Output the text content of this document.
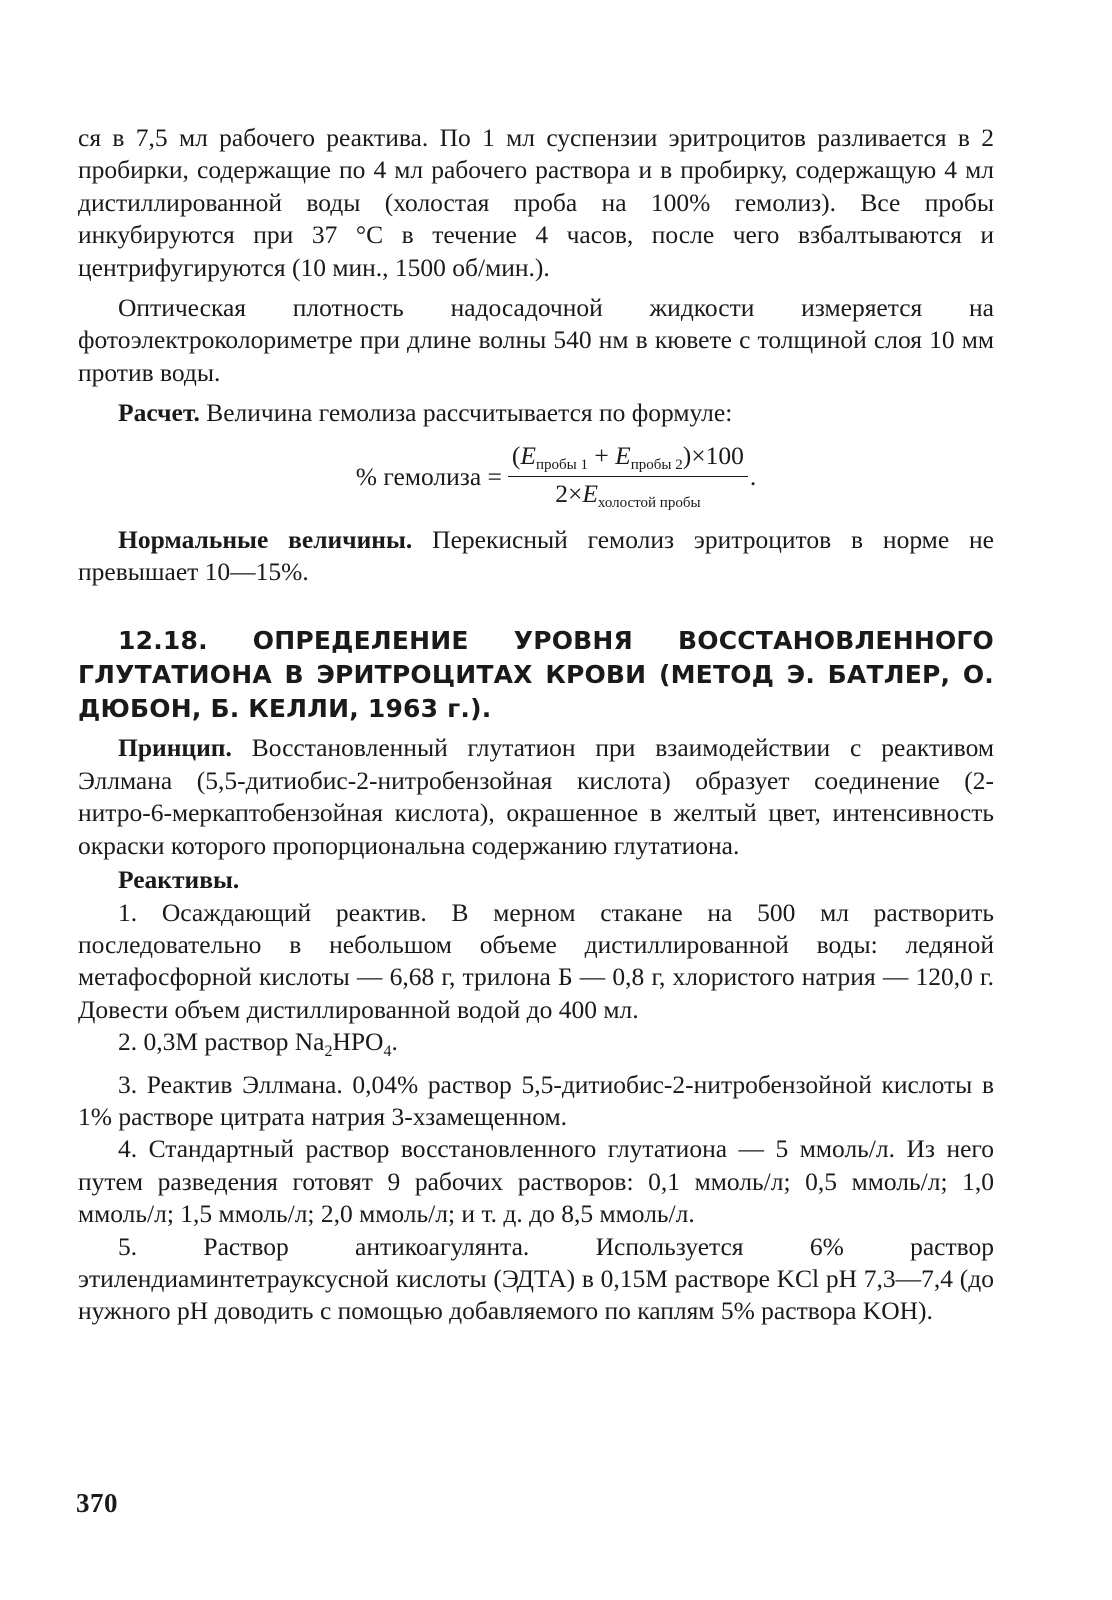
ся в 7,5 мл рабочего реактива. По 1 мл суспензии эритроцитов разливается в 2 пробирки, содержащие по 4 мл рабочего раствора и в пробирку, содержащую 4 мл дистиллированной воды (холостая проба на 100% гемолиз). Все пробы инкубируются при 37 °С в течение 4 часов, после чего взбалтываются и центрифугируются (10 мин., 1500 об/мин.).

Оптическая плотность надосадочной жидкости измеряется на фотоэлектроколориметре при длине волны 540 нм в кювете с толщиной слоя 10 мм против воды.

Расчет. Величина гемолиза рассчитывается по формуле:

% гемолиза = $\frac{(E_{пробы 1} + E_{пробы 2})\times 100}{2\times E_{холостой пробы}}$ .

Нормальные величины. Перекисный гемолиз эритроцитов в норме не превышает 10—15%.

12.18. ОПРЕДЕЛЕНИЕ УРОВНЯ ВОССТАНОВЛЕННОГО ГЛУТАТИОНА В ЭРИТРОЦИТАХ КРОВИ (МЕТОД Э. БАТЛЕР, О. ДЮБОН, Б. КЕЛЛИ, 1963 г.).

Принцип. Восстановленный глутатион при взаимодействии с реактивом Эллмана (5,5-дитиобис-2-нитробензойная кислота) образует соединение (2-нитро-6-меркаптобензойная кислота), окрашенное в желтый цвет, интенсивность окраски которого пропорциональна содержанию глутатиона.

Реактивы.

1. Осаждающий реактив. В мерном стакане на 500 мл растворить последовательно в небольшом объеме дистиллированной воды: ледяной метафосфорной кислоты — 6,68 г, трилона Б — 0,8 г, хлористого натрия — 120,0 г. Довести объем дистиллированной водой до 400 мл.

2. 0,3М раствор $Na_2HPO_4$.

3. Реактив Эллмана. 0,04% раствор 5,5-дитиобис-2-нитробензойной кислоты в 1% растворе цитрата натрия 3-хзамещенном.

4. Стандартный раствор восстановленного глутатиона — 5 ммоль/л. Из него путем разведения готовят 9 рабочих растворов: 0,1 ммоль/л; 0,5 ммоль/л; 1,0 ммоль/л; 1,5 ммоль/л; 2,0 ммоль/л; и т. д. до 8,5 ммоль/л.

5. Раствор антикоагулянта. Используется 6% раствор этилендиаминтетрауксусной кислоты (ЭДТА) в 0,15М растворе KCl pH 7,3—7,4 (до нужного pH доводить с помощью добавляемого по каплям 5% раствора KOH).

370
